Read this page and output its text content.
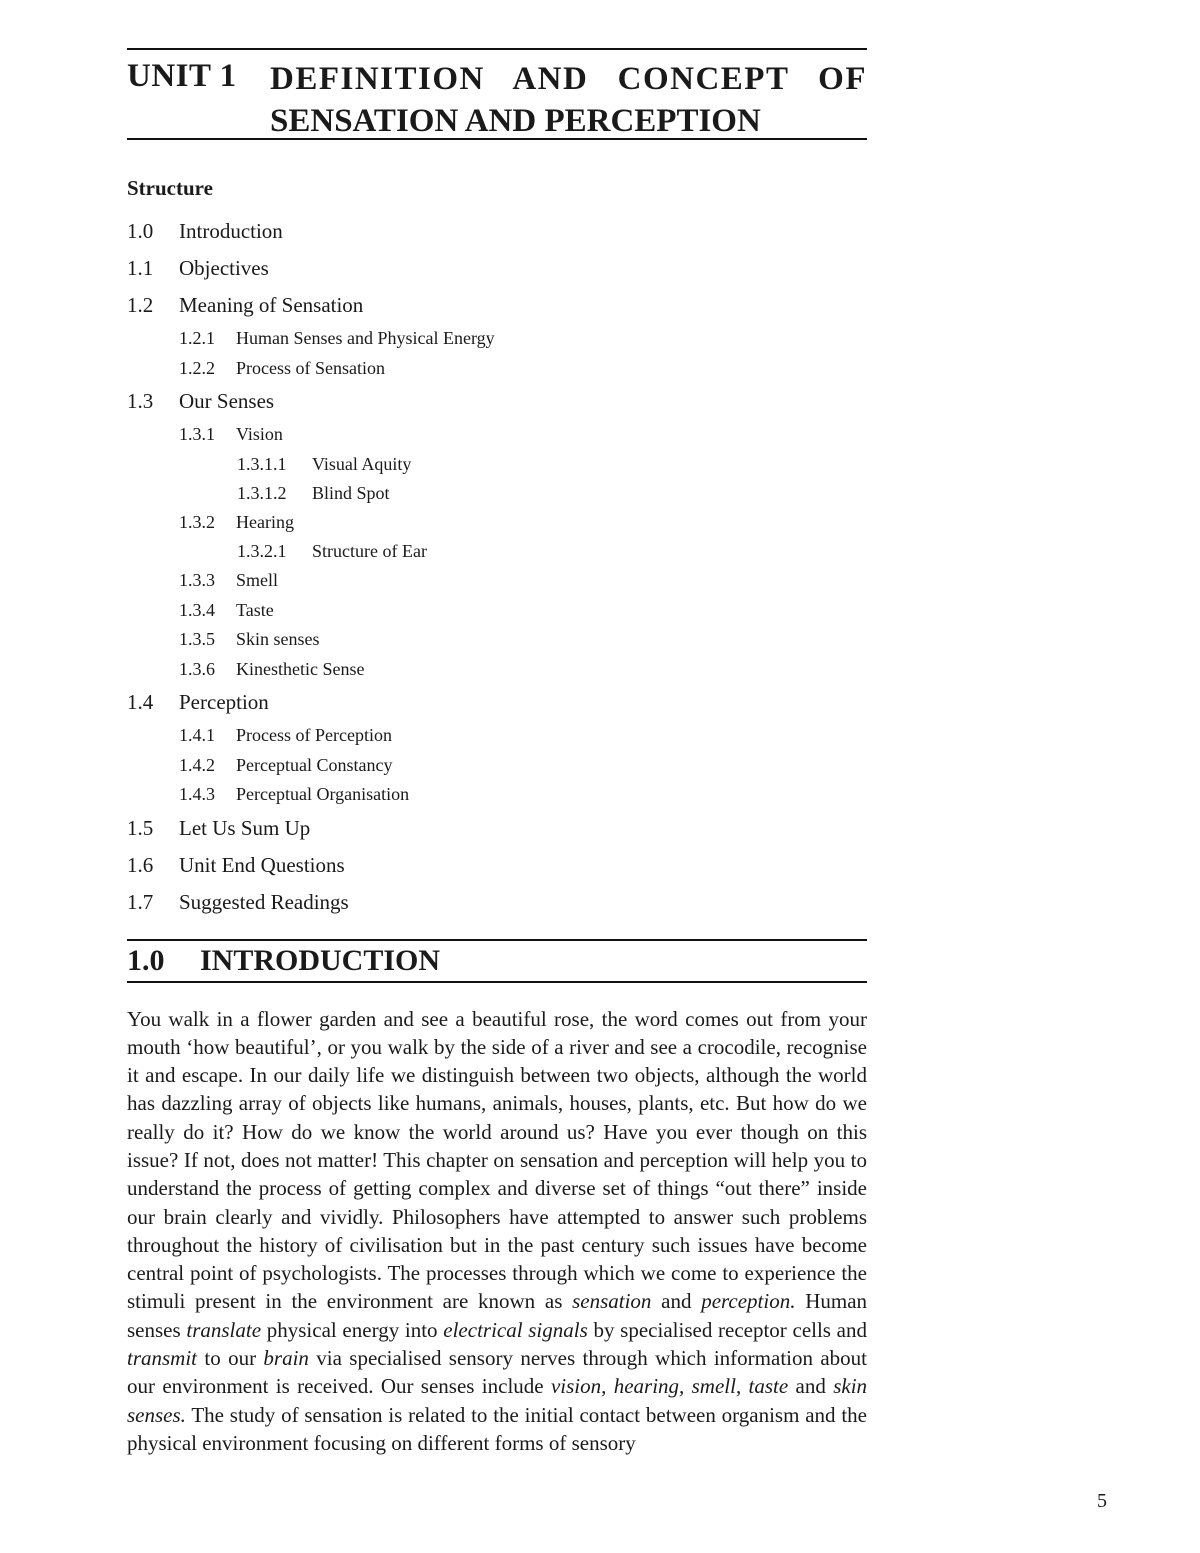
UNIT 1 DEFINITION AND CONCEPT OF
SENSATION AND PERCEPTION
Structure
1.0	Introduction
1.1	Objectives
1.2	Meaning of Sensation
1.2.1	Human Senses and Physical Energy
1.2.2	Process of Sensation
1.3	Our Senses
1.3.1	Vision
1.3.1.1	Visual Aquity
1.3.1.2	Blind Spot
1.3.2	Hearing
1.3.2.1	Structure of Ear
1.3.3	Smell
1.3.4	Taste
1.3.5	Skin senses
1.3.6	Kinesthetic Sense
1.4	Perception
1.4.1	Process of Perception
1.4.2	Perceptual Constancy
1.4.3	Perceptual Organisation
1.5	Let Us Sum Up
1.6	Unit End Questions
1.7	Suggested Readings
1.0	INTRODUCTION
You walk in a flower garden and see a beautiful rose, the word comes out from your mouth ‘how beautiful’, or you walk by the side of a river and see a crocodile, recognise it and escape. In our daily life we distinguish between two objects, although the world has dazzling array of objects like humans, animals, houses, plants, etc. But how do we really do it? How do we know the world around us? Have you ever though on this issue? If not, does not matter! This chapter on sensation and perception will help you to understand the process of getting complex and diverse set of things “out there” inside our brain clearly and vividly. Philosophers have attempted to answer such problems throughout the history of civilisation but in the past century such issues have become central point of psychologists. The processes through which we come to experience the stimuli present in the environment are known as sensation and perception. Human senses translate physical energy into electrical signals by specialised receptor cells and transmit to our brain via specialised sensory nerves through which information about our environment is received. Our senses include vision, hearing, smell, taste and skin senses. The study of sensation is related to the initial contact between organism and the physical environment focusing on different forms of sensory
5
